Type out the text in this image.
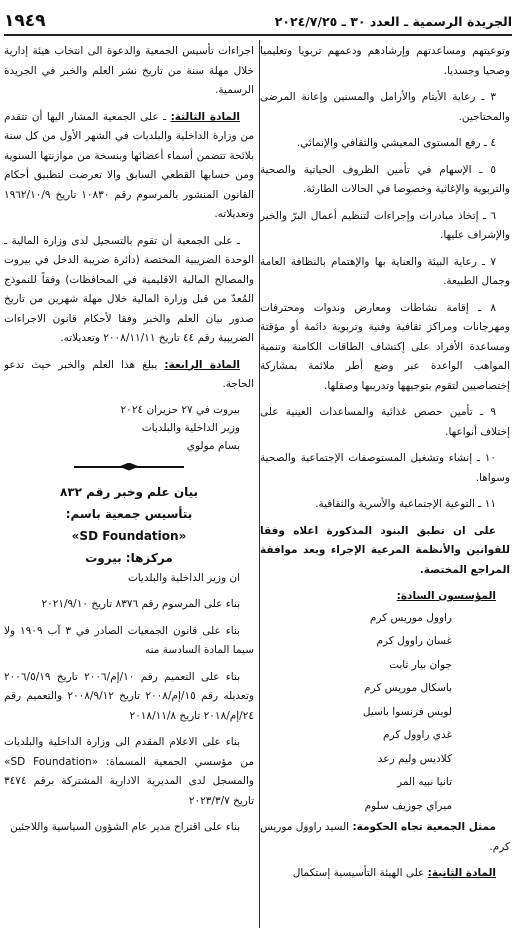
الجريدة الرسمية ـ العدد ٣٠ ـ ٢٠٢٤/٧/٢٥
١٩٤٩

وتوعيتهم ومساعدتهم وإرشادهم ودعمهم تربويا وتعليميا وصحيا وجسديا.

٣ ـ رعاية الأيتام والأرامل والمسنين وإعانة المرضى والمحتاجين.

٤ ـ رفع المستوى المعيشي والثقافي والإنمائي.

٥ ـ الإسهام في تأمين الظروف الحياتية والصحية والتربوية والإغاثية وخصوصا في الحالات الطارئة.

٦ ـ إتخاذ مبادرات وإجراءات لتنظيم أعمال البرّ والخير والإشراف عليها.

٧ ـ رعاية البيئة والعناية بها والإهتمام بالنظافة العامة وجمال الطبيعة.

٨ ـ إقامة نشاطات ومعارض وندوات ومحترفات ومهرجانات ومراكز ثقافية وفنية وتربوية دائمة أو مؤقتة ومساعدة الأفراد على إكتشاف الطاقات الكامنة وتنمية المواهب الواعدة عبر وضع أطر ملائمة بمشاركة إختصاصيين لتقوم بتوجيهها وتدريبها وصقلها.

٩ ـ تأمين حصص غذائية والمساعدات العينية على إختلاف أنواعها.

١٠ ـ إنشاء وتشغيل المستوصفات الإجتماعية والصحية وسواها.

١١ ـ التوعية الإجتماعية والأسرية والثقافية.

على ان تطبق البنود المذكورة اعلاه وفقا للقوانين والأنظمة المرعية الإجراء وبعد موافقة المراجع المختصة.

المؤسسون السادة:

راوول موريس كرم

غسان راوول كرم

جوان بيار ثابت

باسكال موريس كرم

لويس فرنسوا باسيل

غدي راوول كرم

كلاديس وليم رعد

تانيا نبيه المر

ميراي جوزيف سلوم

ممثل الجمعية تجاه الحكومة: السيد راوول موريس كرم.

المادة الثانية: على الهيئة التأسيسية إستكمال

اجراءات تأسيس الجمعية والدعوة الى انتخاب هيئة إدارية خلال مهلة سنة من تاريخ نشر العلم والخبر في الجريدة الرسمية.

المادة الثالثة: ـ على الجمعية المشار اليها أن تتقدم من وزارة الداخلية والبلديات في الشهر الأول من كل سنة بلائحة تتضمن أسماء أعضائها وبنسخة من موازنتها السنوية ومن حسابها القطعي السابق والا تعرضت لتطبيق أحكام القانون المنشور بالمرسوم رقم ١٠٨٣٠ تاريخ ١٩٦٢/١٠/٩ وتعديلاته.

ـ على الجمعية أن تقوم بالتسجيل لدى وزارة المالية ـ الوحدة الضريبية المختصة (دائرة ضريبة الدخل في بيروت والمصالح المالية الاقليمية في المحافظات) وفقاً للنموذج المُعدّ من قبل وزارة المالية خلال مهلة شهرين من تاريخ صدور بيان العلم والخبر وفقا لأحكام قانون الاجراءات الضريبية رقم ٤٤ تاريخ ٢٠٠٨/١١/١١ وتعديلاته.

المادة الرابعة: يبلغ هذا العلم والخبر حيث تدعو الحاجة.

بيروت في ٢٧ حزيران ٢٠٢٤

وزير الداخلية والبلديات

بسام مولوي

بيان علم وخبر رقم ٨٣٢

بتأسيس جمعية باسم:

«SD Foundation»

مركزها: بيروت

ان وزير الداخلية والبلديات

بناء على المرسوم رقم ٨٣٧٦ تاريخ ٢٠٢١/٩/١٠

بناء على قانون الجمعيات الصادر في ٣ آب ١٩٠٩ ولا سيما المادة السادسة منه

بناء على التعميم رقم ١٠/إم/٢٠٠٦ تاريخ ٢٠٠٦/٥/١٩ وتعديله رقم ١٥/إم/٢٠٠٨ تاريخ ٢٠٠٨/٩/١٢ والتعميم رقم ٢٤/إم/٢٠١٨ تاريخ ٢٠١٨/١١/٨

بناء على الاعلام المقدم الى وزارة الداخلية والبلديات من مؤسسي الجمعية المسماة: «SD Foundation» والمسجل لدى المديرية الادارية المشتركة برقم ٣٤٧٤ تاريخ ٢٠٢٣/٣/٧

بناء على اقتراح مدير عام الشؤون السياسية واللاجئين
